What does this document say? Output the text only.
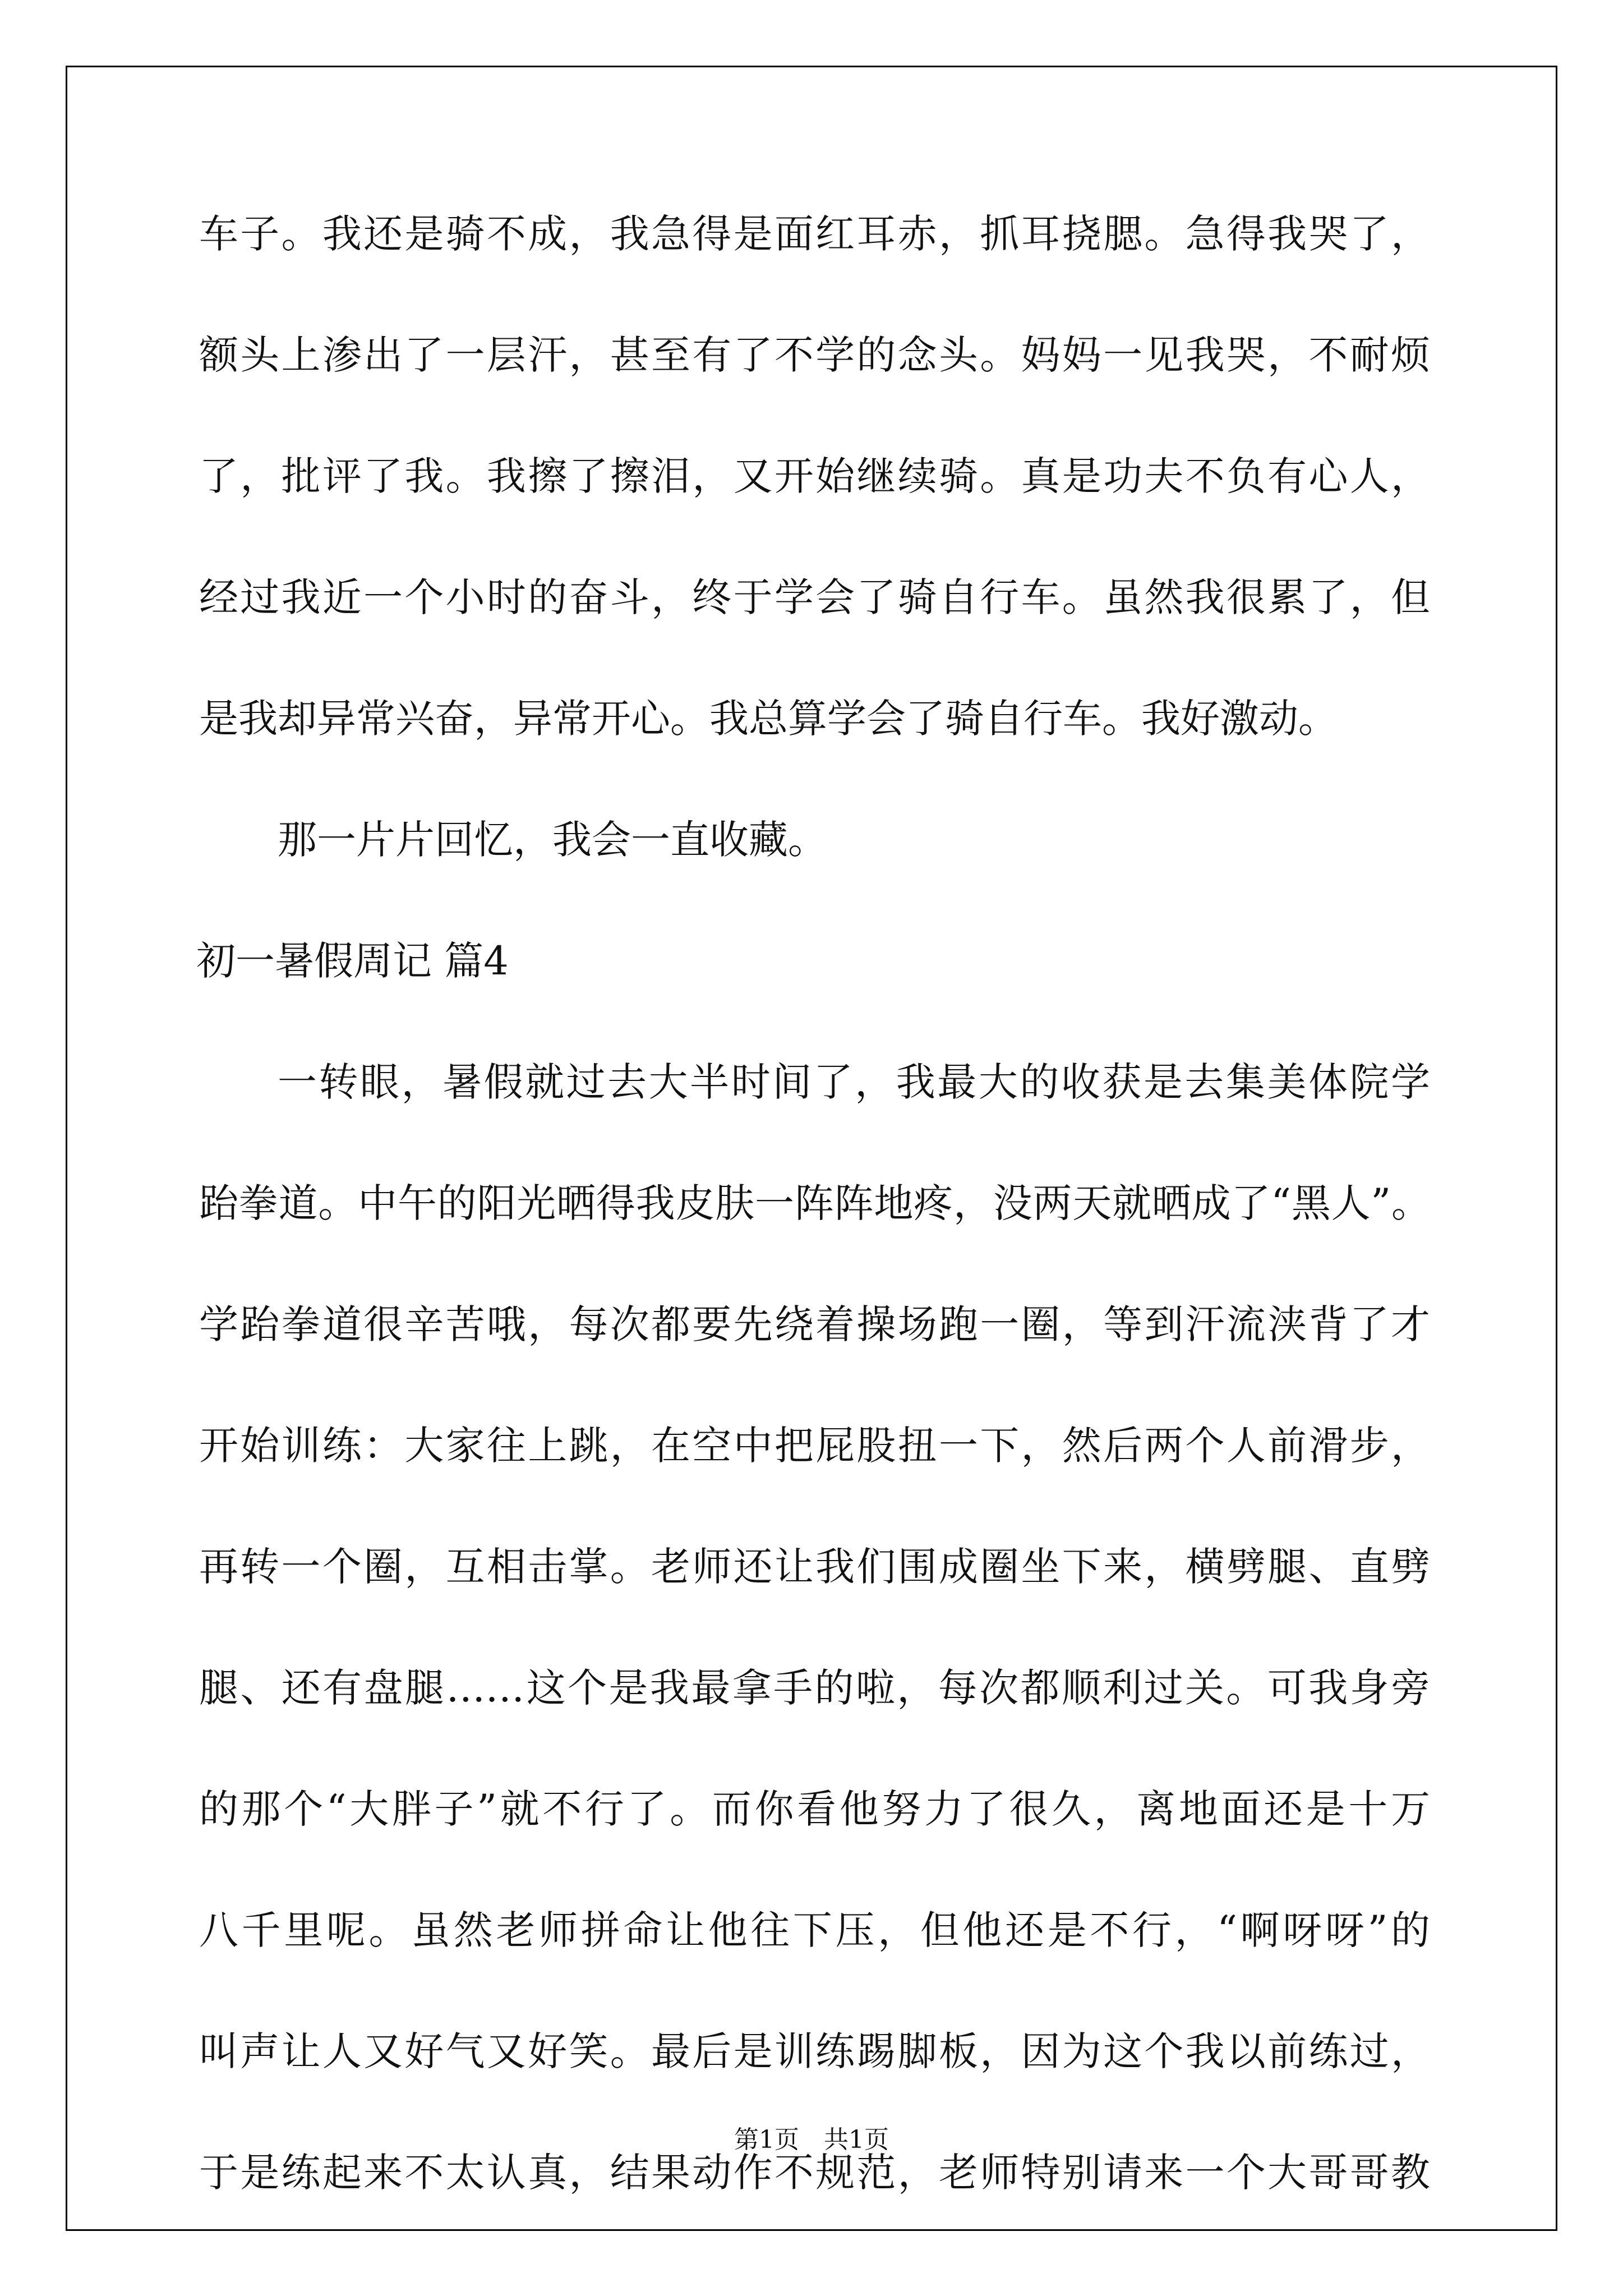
车子。我还是骑不成，我急得是面红耳赤，抓耳挠腮。急得我哭了，
额头上渗出了一层汗，甚至有了不学的念头。妈妈一见我哭，不耐烦
了，批评了我。我擦了擦泪，又开始继续骑。真是功夫不负有心人，
经过我近一个小时的奋斗，终于学会了骑自行车。虽然我很累了，但
是我却异常兴奋，异常开心。我总算学会了骑自行车。我好激动。
那一片片回忆，我会一直收藏。
初一暑假周记 篇4
一转眼，暑假就过去大半时间了，我最大的收获是去集美体院学
跆拳道。中午的阳光晒得我皮肤一阵阵地疼，没两天就晒成了“黑人”。
学跆拳道很辛苦哦，每次都要先绕着操场跑一圈，等到汗流浃背了才
开始训练：大家往上跳，在空中把屁股扭一下，然后两个人前滑步，
再转一个圈，互相击掌。老师还让我们围成圈坐下来，横劈腿、直劈
腿、还有盘腿……这个是我最拿手的啦，每次都顺利过关。可我身旁
的那个“大胖子”就不行了。而你看他努力了很久，离地面还是十万
八千里呢。虽然老师拼命让他往下压，但他还是不行，“啊呀呀”的
叫声让人又好气又好笑。最后是训练踢脚板，因为这个我以前练过，
于是练起来不太认真，结果动作不规范，老师特别请来一个大哥哥教
第1页　共1页
